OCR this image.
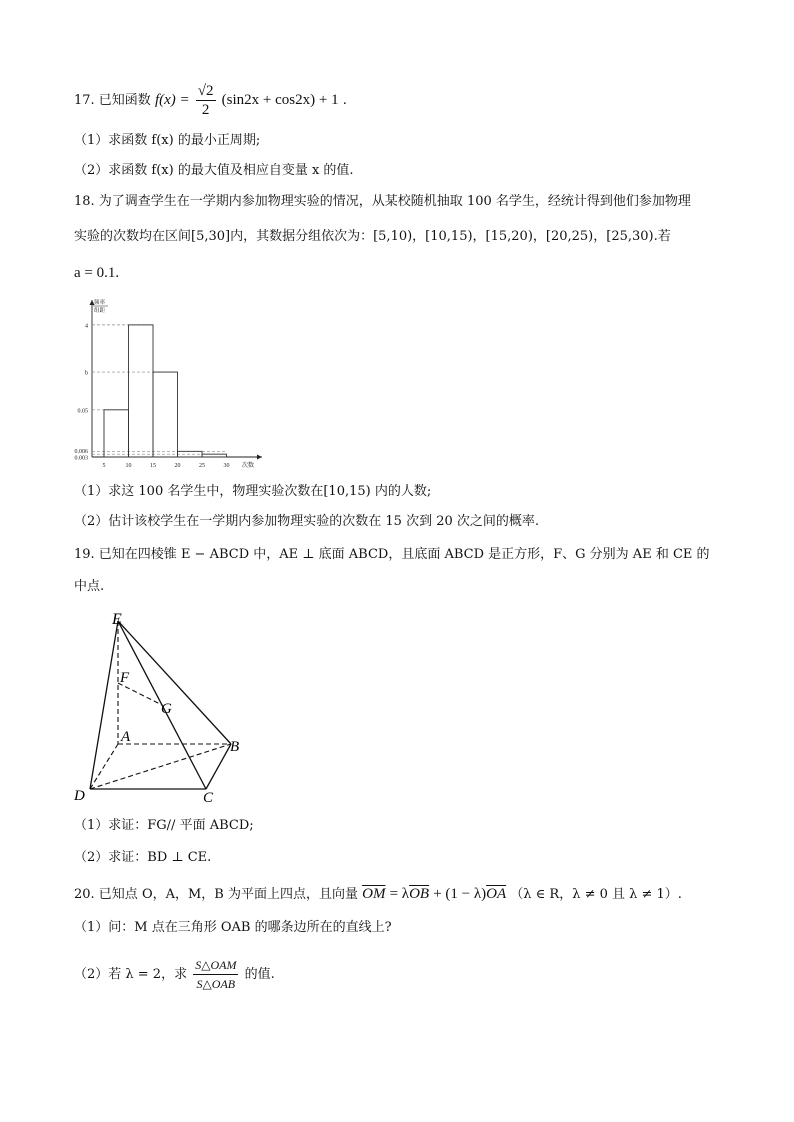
17. 已知函数 $f(x) = \frac{√2}{2} (\sin 2x + \cos 2x) + 1$ .
（1）求函数 f(x) 的最小正周期;
（2）求函数 f(x) 的最大值及相应自变量 x 的值.
18. 为了调查学生在一学期内参加物理实验的情况，从某校随机抽取 100 名学生，经统计得到他们参加物理
实验的次数均在区间[5,30]内，其数据分组依次为：[5,10)，[10,15)，[15,20)，[20,25)，[25,30).若
a = 0.1.
4
b
0.05
0.006
0.003
5	10	15	20	25	30 次数
频率
组距
（1）求这 100 名学生中，物理实验次数在[10,15) 内的人数;
（2）估计该校学生在一学期内参加物理实验的次数在 15 次到 20 次之间的概率.
19. 已知在四棱锥 E − ABCD 中，AE ⊥ 底面 ABCD，且底面 ABCD 是正方形，F、G 分别为 AE 和 CE 的
中点.
E
F
G
A
B
C
D
（1）求证：FG// 平面 ABCD;
（2）求证：BD ⊥ CE.
20. 已知点 O，A，M，B 为平面上四点，且向量 $\overline{OM} = \lambda\overline{OB} + (1 - \lambda)\overline{OA}$ （λ ∈ R，λ ≠ 0 且 λ ≠ 1）.
（1）问：M 点在三角形 OAB 的哪条边所在的直线上?
（2）若 λ = 2，求 $\frac{\text{S△OAM}}{\text{S△OAB}}$ 的值.
